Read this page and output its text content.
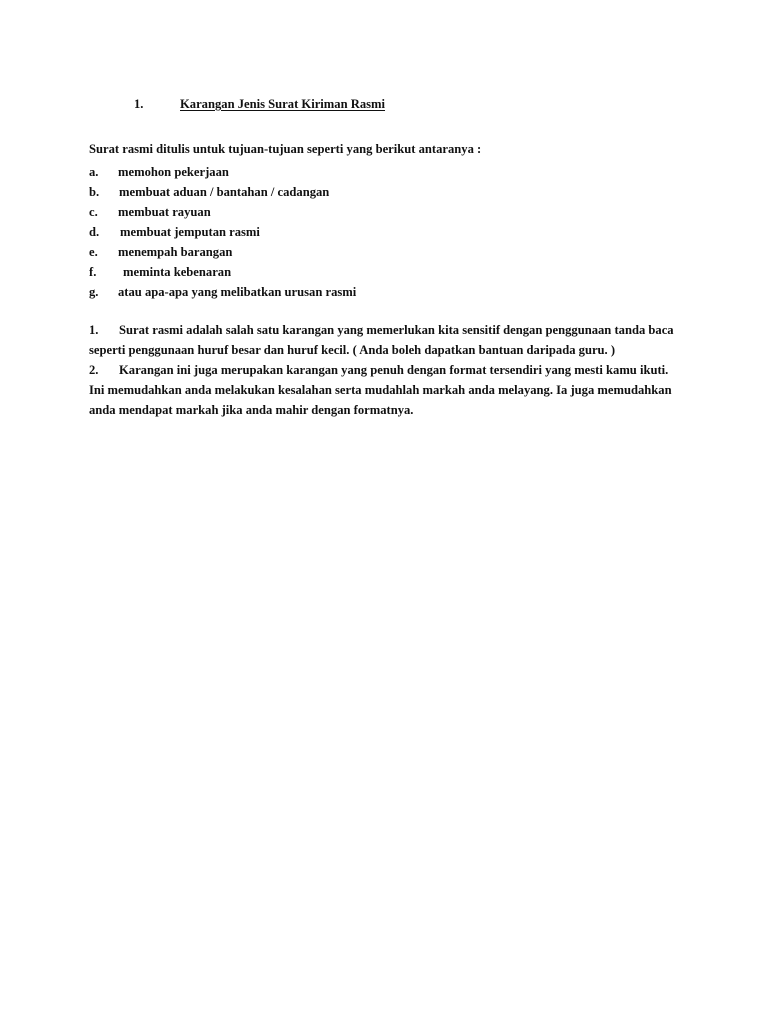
1.	Karangan Jenis Surat Kiriman Rasmi
Surat rasmi ditulis untuk tujuan-tujuan seperti yang berikut antaranya :
a. memohon pekerjaan
b. membuat aduan / bantahan / cadangan
c. membuat rayuan
d. membuat jemputan rasmi
e. menempah barangan
f. meminta kebenaran
g. atau apa-apa yang melibatkan urusan rasmi
1. Surat rasmi adalah salah satu karangan yang memerlukan kita sensitif dengan penggunaan tanda baca
seperti penggunaan huruf besar dan huruf kecil. ( Anda boleh dapatkan bantuan daripada guru. )
2. Karangan ini juga merupakan karangan yang penuh dengan format tersendiri yang mesti kamu ikuti.
Ini memudahkan anda melakukan kesalahan serta mudahlah markah anda melayang. Ia juga memudahkan
anda mendapat markah jika anda mahir dengan formatnya.
